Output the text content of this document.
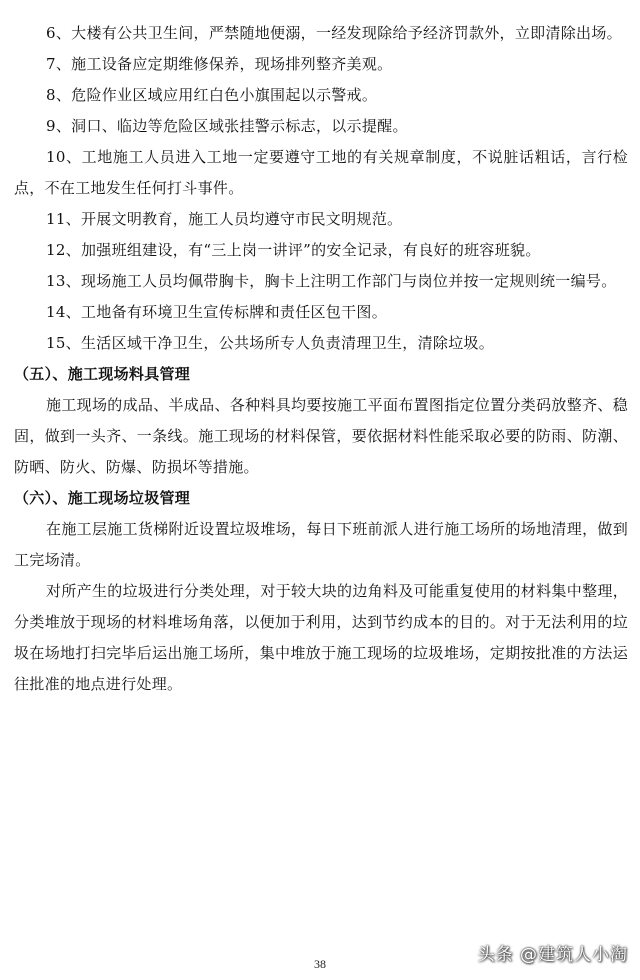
6、大楼有公共卫生间，严禁随地便溺，一经发现除给予经济罚款外，立即清除出场。

7、施工设备应定期维修保养，现场排列整齐美观。

8、危险作业区域应用红白色小旗围起以示警戒。

9、洞口、临边等危险区域张挂警示标志，以示提醒。

10、工地施工人员进入工地一定要遵守工地的有关规章制度，不说脏话粗话，言行检点，不在工地发生任何打斗事件。

11、开展文明教育，施工人员均遵守市民文明规范。

12、加强班组建设，有“三上岗一讲评”的安全记录，有良好的班容班貌。

13、现场施工人员均佩带胸卡，胸卡上注明工作部门与岗位并按一定规则统一编号。

14、工地备有环境卫生宣传标牌和责任区包干图。

15、生活区域干净卫生，公共场所专人负责清理卫生，清除垃圾。

（五）、施工现场料具管理

施工现场的成品、半成品、各种料具均要按施工平面布置图指定位置分类码放整齐、稳固，做到一头齐、一条线。施工现场的材料保管，要依据材料性能采取必要的防雨、防潮、防晒、防火、防爆、防损坏等措施。

（六）、施工现场垃圾管理

在施工层施工货梯附近设置垃圾堆场，每日下班前派人进行施工场所的场地清理，做到工完场清。

对所产生的垃圾进行分类处理，对于较大块的边角料及可能重复使用的材料集中整理，分类堆放于现场的材料堆场角落，以便加于利用，达到节约成本的目的。对于无法利用的垃圾在场地打扫完毕后运出施工场所，集中堆放于施工现场的垃圾堆场，定期按批准的方法运往批准的地点进行处理。

38	头条 @建筑人小淘
